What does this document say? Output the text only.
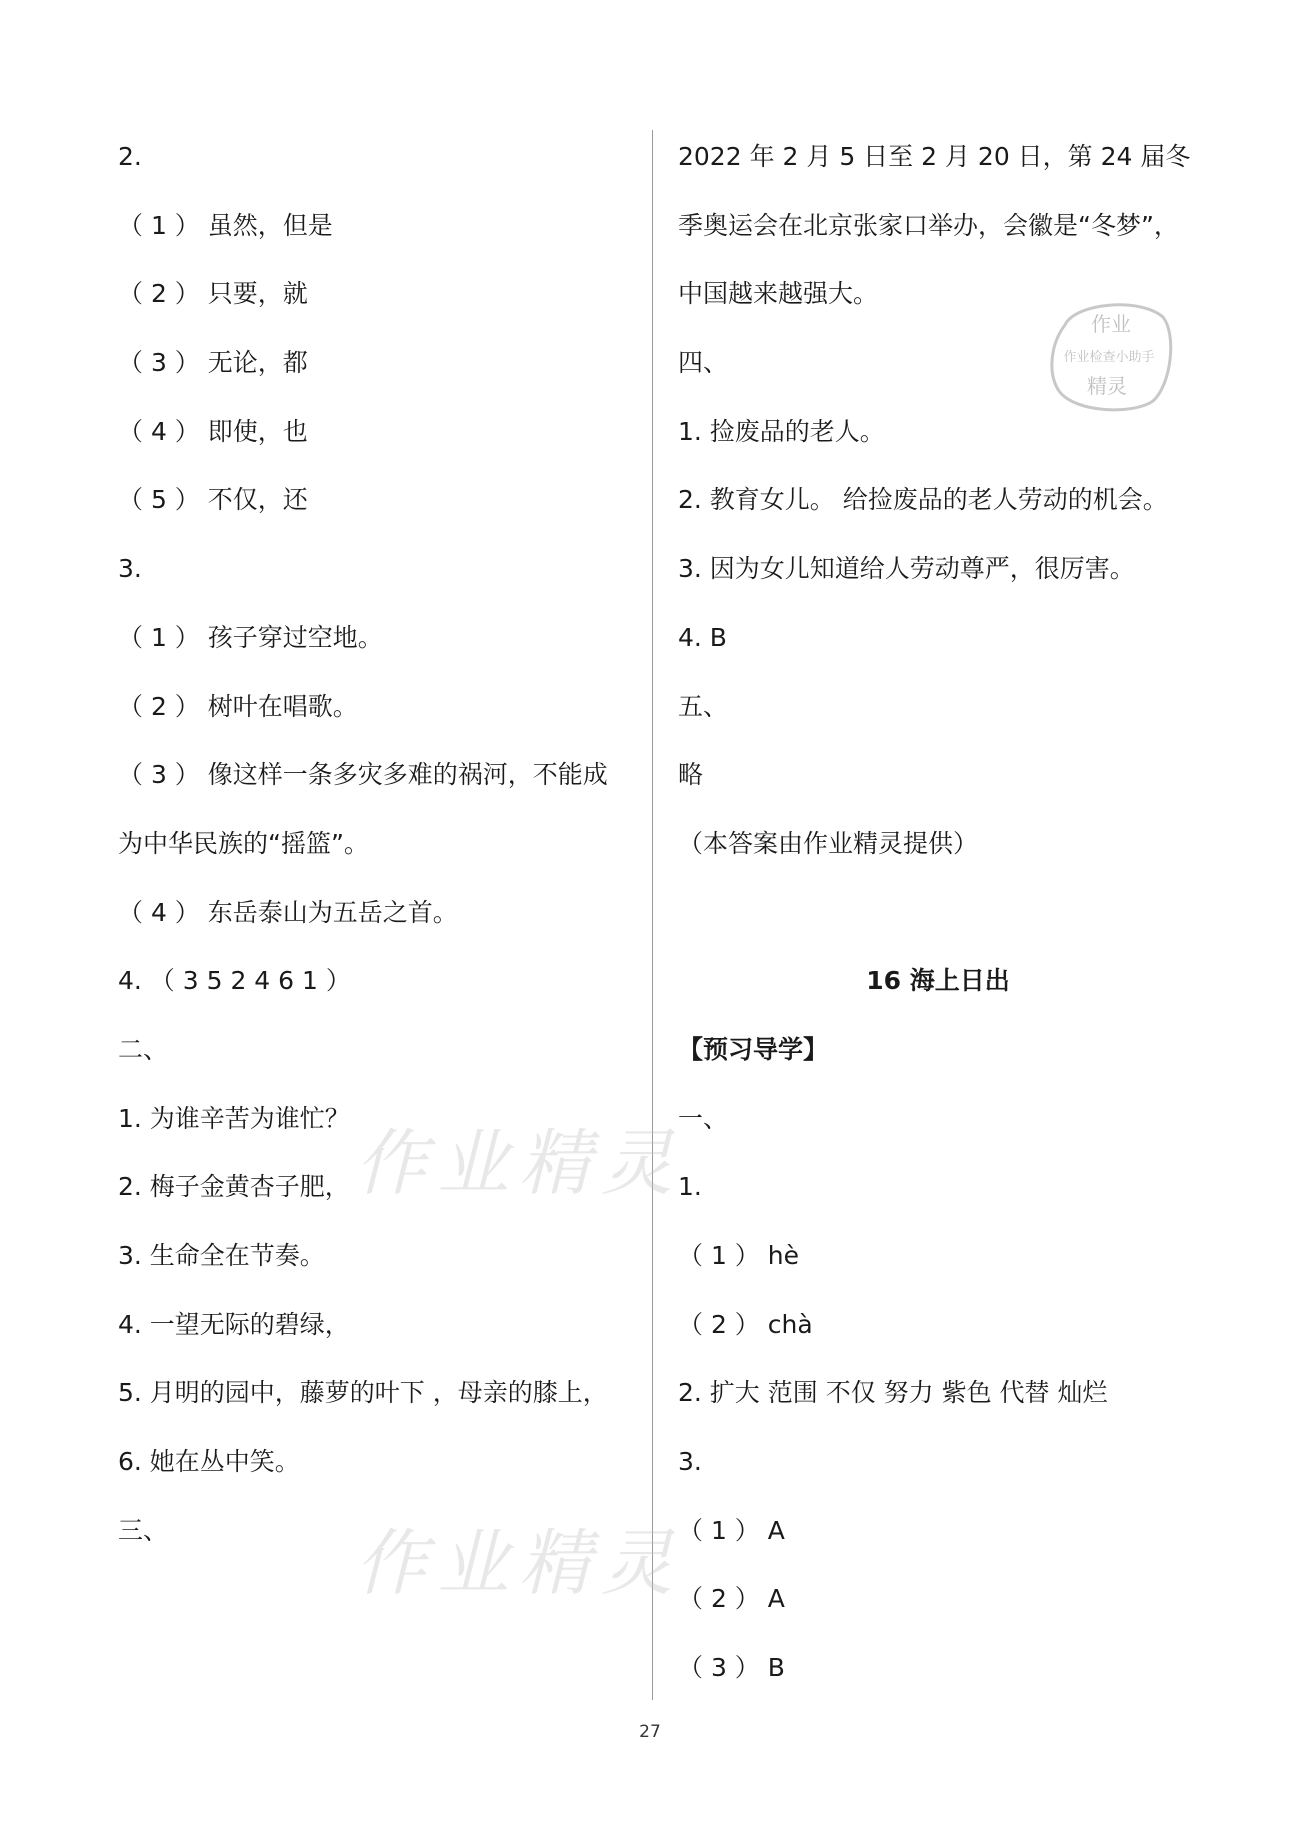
2.
（ 1 ） 虽然，但是
（ 2 ） 只要，就
（ 3 ） 无论，都
（ 4 ） 即使，也
（ 5 ） 不仅，还
3.
（ 1 ） 孩子穿过空地。
（ 2 ） 树叶在唱歌。
（ 3 ） 像这样一条多灾多难的祸河，不能成
为中华民族的“摇篮”。
（ 4 ） 东岳泰山为五岳之首。
4. （ 3 5 2 4 6 1 ）
二、
1. 为谁辛苦为谁忙？
2. 梅子金黄杏子肥，
3. 生命全在节奏。
4. 一望无际的碧绿，
5. 月明的园中，藤萝的叶下 ，母亲的膝上，
6. 她在丛中笑。
三、
2022 年 2 月 5 日至 2 月 20 日，第 24 届冬
季奥运会在北京张家口举办，会徽是“冬梦”，
中国越来越强大。
四、
1. 捡废品的老人。
2. 教育女儿。 给捡废品的老人劳动的机会。
3. 因为女儿知道给人劳动尊严，很厉害。
4. B
五、
略
（本答案由作业精灵提供）
16 海上日出
【预习导学】
一、
1.
（ 1 ） hè
（ 2 ） chà
2. 扩大 范围 不仅 努力 紫色 代替 灿烂
3.
（ 1 ） A
（ 2 ） A
（ 3 ） B
作业精灵
作业精灵
作业
作业检查小助手
精灵
27
